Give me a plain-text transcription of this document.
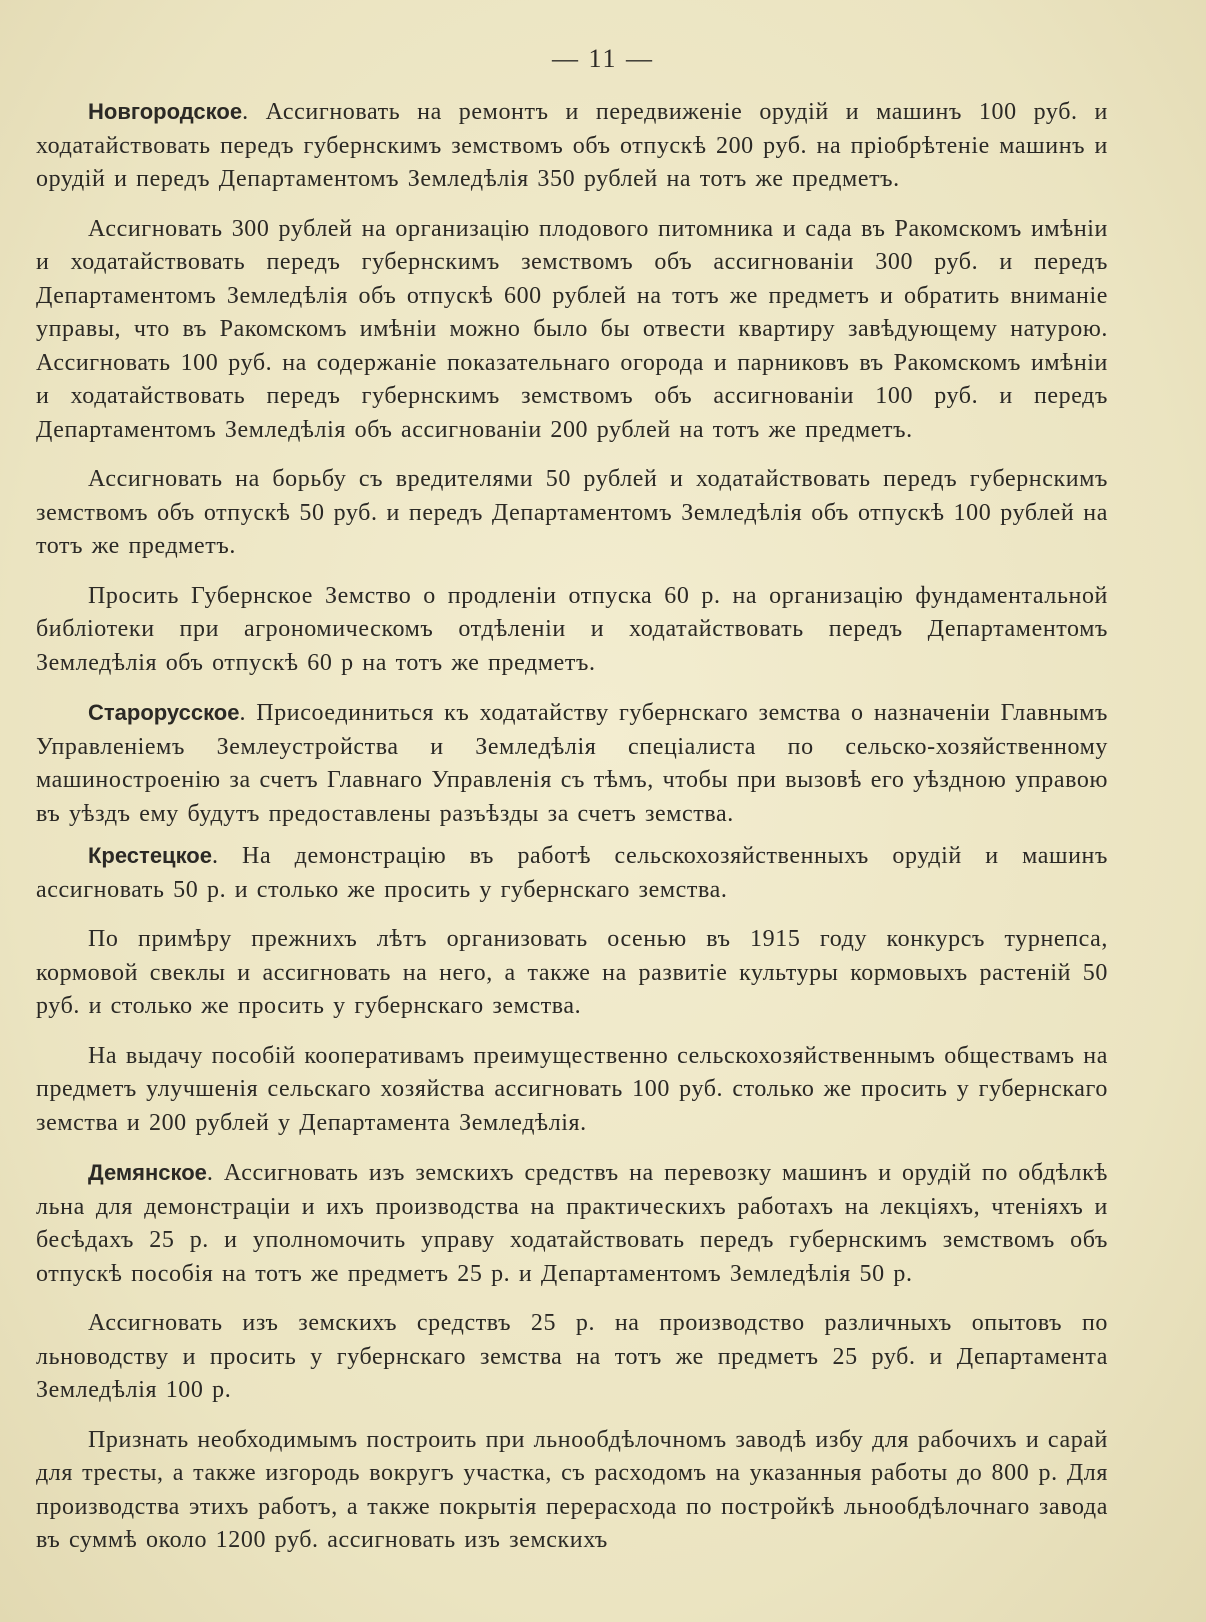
— 11 —

Новгородское. Ассигновать на ремонтъ и передвиженіе орудій и машинъ 100 руб. и ходатайствовать передъ губернскимъ земствомъ объ отпускѣ 200 руб. на пріобрѣтеніе машинъ и орудій и передъ Департаментомъ Земледѣлія 350 рублей на тотъ же предметъ.

Ассигновать 300 рублей на организацію плодового питомника и сада въ Ракомскомъ имѣніи и ходатайствовать передъ губернскимъ земствомъ объ ассигнованіи 300 руб. и передъ Департаментомъ Земледѣлія объ отпускѣ 600 рублей на тотъ же предметъ и обратить вниманіе управы, что въ Ракомскомъ имѣніи можно было бы отвести квартиру завѣдующему натурою. Ассигновать 100 руб. на содержаніе показательнаго огорода и парниковъ въ Ракомскомъ имѣніи и ходатайствовать передъ губернскимъ земствомъ объ ассигнованіи 100 руб. и передъ Департаментомъ Земледѣлія объ ассигнованіи 200 рублей на тотъ же предметъ.

Ассигновать на борьбу съ вредителями 50 рублей и ходатайствовать передъ губернскимъ земствомъ объ отпускѣ 50 руб. и передъ Департаментомъ Земледѣлія объ отпускѣ 100 рублей на тотъ же предметъ.

Просить Губернское Земство о продленіи отпуска 60 р. на организацію фундаментальной библіотеки при агрономическомъ отдѣленіи и ходатайствовать передъ Департаментомъ Земледѣлія объ отпускѣ 60 р на тотъ же предметъ.

Старорусское. Присоединиться къ ходатайству губернскаго земства о назначеніи Главнымъ Управленіемъ Землеустройства и Земледѣлія спеціалиста по сельско-хозяйственному машиностроенію за счетъ Главнаго Управленія съ тѣмъ, чтобы при вызовѣ его уѣздною управою въ уѣздъ ему будутъ предоставлены разъѣзды за счетъ земства.

Крестецкое. На демонстрацію въ работѣ сельскохозяйственныхъ орудій и машинъ ассигновать 50 р. и столько же просить у губернскаго земства.

По примѣру прежнихъ лѣтъ организовать осенью въ 1915 году конкурсъ турнепса, кормовой свеклы и ассигновать на него, а также на развитіе культуры кормовыхъ растеній 50 руб. и столько же просить у губернскаго земства.

На выдачу пособій кооперативамъ преимущественно сельскохозяйственнымъ обществамъ на предметъ улучшенія сельскаго хозяйства ассигновать 100 руб. столько же просить у губернскаго земства и 200 рублей у Департамента Земледѣлія.

Демянское. Ассигновать изъ земскихъ средствъ на перевозку машинъ и орудій по обдѣлкѣ льна для демонстраціи и ихъ производства на практическихъ работахъ на лекціяхъ, чтеніяхъ и бесѣдахъ 25 р. и уполномочить управу ходатайствовать передъ губернскимъ земствомъ объ отпускѣ пособія на тотъ же предметъ 25 р. и Департаментомъ Земледѣлія 50 р.

Ассигновать изъ земскихъ средствъ 25 р. на производство различныхъ опытовъ по льноводству и просить у губернскаго земства на тотъ же предметъ 25 руб. и Департамента Земледѣлія 100 р.

Признать необходимымъ построить при льнообдѣлочномъ заводѣ избу для рабочихъ и сарай для тресты, а также изгородь вокругъ участка, съ расходомъ на указанныя работы до 800 р. Для производства этихъ работъ, а также покрытія перерасхода по постройкѣ льнообдѣлочнаго завода въ суммѣ около 1200 руб. ассигновать изъ земскихъ
